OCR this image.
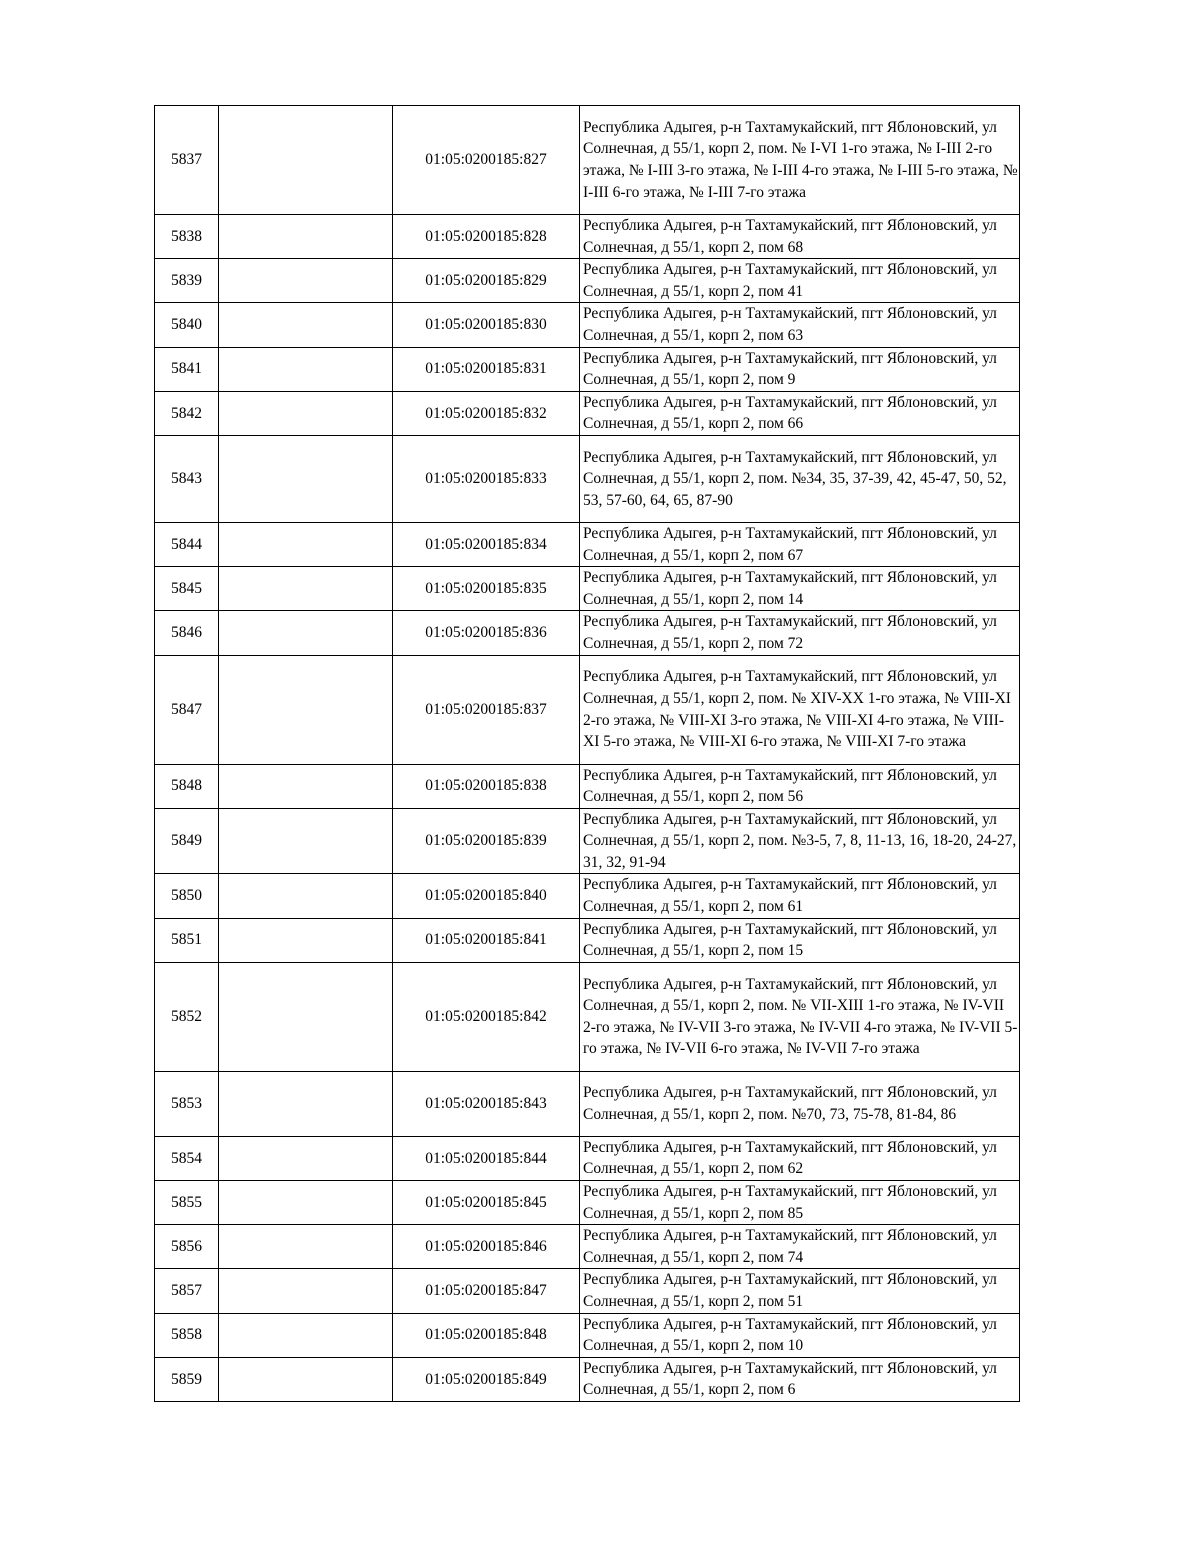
5837		01:05:0200185:827	Республика Адыгея, р-н Тахтамукайский, пгт Яблоновский, ул Солнечная, д 55/1, корп 2, пом. № I-VI 1-го этажа, № I-III 2-го этажа, № I-III 3-го этажа, № I-III 4-го этажа, № I-III 5-го этажа, № I-III 6-го этажа, № I-III 7-го этажа
5838		01:05:0200185:828	Республика Адыгея, р-н Тахтамукайский, пгт Яблоновский, ул Солнечная, д 55/1, корп 2, пом 68
5839		01:05:0200185:829	Республика Адыгея, р-н Тахтамукайский, пгт Яблоновский, ул Солнечная, д 55/1, корп 2, пом 41
5840		01:05:0200185:830	Республика Адыгея, р-н Тахтамукайский, пгт Яблоновский, ул Солнечная, д 55/1, корп 2, пом 63
5841		01:05:0200185:831	Республика Адыгея, р-н Тахтамукайский, пгт Яблоновский, ул Солнечная, д 55/1, корп 2, пом 9
5842		01:05:0200185:832	Республика Адыгея, р-н Тахтамукайский, пгт Яблоновский, ул Солнечная, д 55/1, корп 2, пом 66
5843		01:05:0200185:833	Республика Адыгея, р-н Тахтамукайский, пгт Яблоновский, ул Солнечная, д 55/1, корп 2, пом. №34, 35, 37-39, 42, 45-47, 50, 52, 53, 57-60, 64, 65, 87-90
5844		01:05:0200185:834	Республика Адыгея, р-н Тахтамукайский, пгт Яблоновский, ул Солнечная, д 55/1, корп 2, пом 67
5845		01:05:0200185:835	Республика Адыгея, р-н Тахтамукайский, пгт Яблоновский, ул Солнечная, д 55/1, корп 2, пом 14
5846		01:05:0200185:836	Республика Адыгея, р-н Тахтамукайский, пгт Яблоновский, ул Солнечная, д 55/1, корп 2, пом 72
5847		01:05:0200185:837	Республика Адыгея, р-н Тахтамукайский, пгт Яблоновский, ул Солнечная, д 55/1, корп 2, пом. № XIV-XX 1-го этажа, № VIII-XI 2-го этажа, № VIII-XI 3-го этажа, № VIII-XI 4-го этажа, № VIII-XI 5-го этажа, № VIII-XI 6-го этажа, № VIII-XI 7-го этажа
5848		01:05:0200185:838	Республика Адыгея, р-н Тахтамукайский, пгт Яблоновский, ул Солнечная, д 55/1, корп 2, пом 56
5849		01:05:0200185:839	Республика Адыгея, р-н Тахтамукайский, пгт Яблоновский, ул Солнечная, д 55/1, корп 2, пом. №3-5, 7, 8, 11-13, 16, 18-20, 24-27, 31, 32, 91-94
5850		01:05:0200185:840	Республика Адыгея, р-н Тахтамукайский, пгт Яблоновский, ул Солнечная, д 55/1, корп 2, пом 61
5851		01:05:0200185:841	Республика Адыгея, р-н Тахтамукайский, пгт Яблоновский, ул Солнечная, д 55/1, корп 2, пом 15
5852		01:05:0200185:842	Республика Адыгея, р-н Тахтамукайский, пгт Яблоновский, ул Солнечная, д 55/1, корп 2, пом. № VII-XIII 1-го этажа, № IV-VII 2-го этажа, № IV-VII 3-го этажа, № IV-VII 4-го этажа, № IV-VII 5-го этажа, № IV-VII 6-го этажа, № IV-VII 7-го этажа
5853		01:05:0200185:843	Республика Адыгея, р-н Тахтамукайский, пгт Яблоновский, ул Солнечная, д 55/1, корп 2, пом. №70, 73, 75-78, 81-84, 86
5854		01:05:0200185:844	Республика Адыгея, р-н Тахтамукайский, пгт Яблоновский, ул Солнечная, д 55/1, корп 2, пом 62
5855		01:05:0200185:845	Республика Адыгея, р-н Тахтамукайский, пгт Яблоновский, ул Солнечная, д 55/1, корп 2, пом 85
5856		01:05:0200185:846	Республика Адыгея, р-н Тахтамукайский, пгт Яблоновский, ул Солнечная, д 55/1, корп 2, пом 74
5857		01:05:0200185:847	Республика Адыгея, р-н Тахтамукайский, пгт Яблоновский, ул Солнечная, д 55/1, корп 2, пом 51
5858		01:05:0200185:848	Республика Адыгея, р-н Тахтамукайский, пгт Яблоновский, ул Солнечная, д 55/1, корп 2, пом 10
5859		01:05:0200185:849	Республика Адыгея, р-н Тахтамукайский, пгт Яблоновский, ул Солнечная, д 55/1, корп 2, пом 6
